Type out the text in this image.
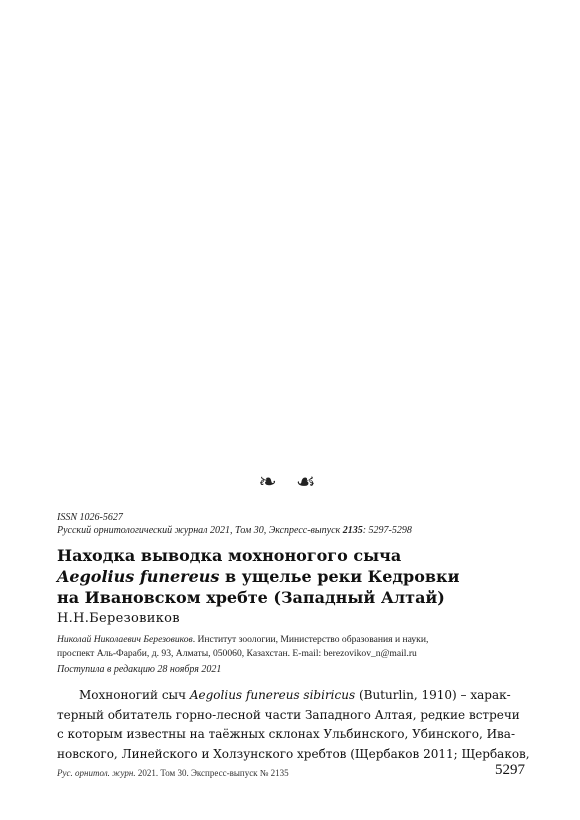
❧ ☙
ISSN 1026-5627
Русский орнитологический журнал 2021, Том 30, Экспресс-выпуск 2135: 5297-5298
Находка выводка мохноногого сыча
Aegolius funereus в ущелье реки Кедровки
на Ивановском хребте (Западный Алтай)
Н.Н.Березовиков
Николай Николаевич Березовиков. Институт зоологии, Министерство образования и науки,
проспект Аль-Фараби, д. 93, Алматы, 050060, Казахстан. E-mail: berezovikov_n@mail.ru
Поступила в редакцию 28 ноября 2021
Мохноногий сыч Aegolius funereus sibiricus (Buturlin, 1910) – харак-
терный обитатель горно-лесной части Западного Алтая, редкие встречи
с которым известны на таёжных склонах Ульбинского, Убинского, Ива-
новского, Линейского и Холзунского хребтов (Щербаков 2011; Щербаков,
Рус. орнитол. журн. 2021. Том 30. Экспресс-выпуск № 2135	5297
